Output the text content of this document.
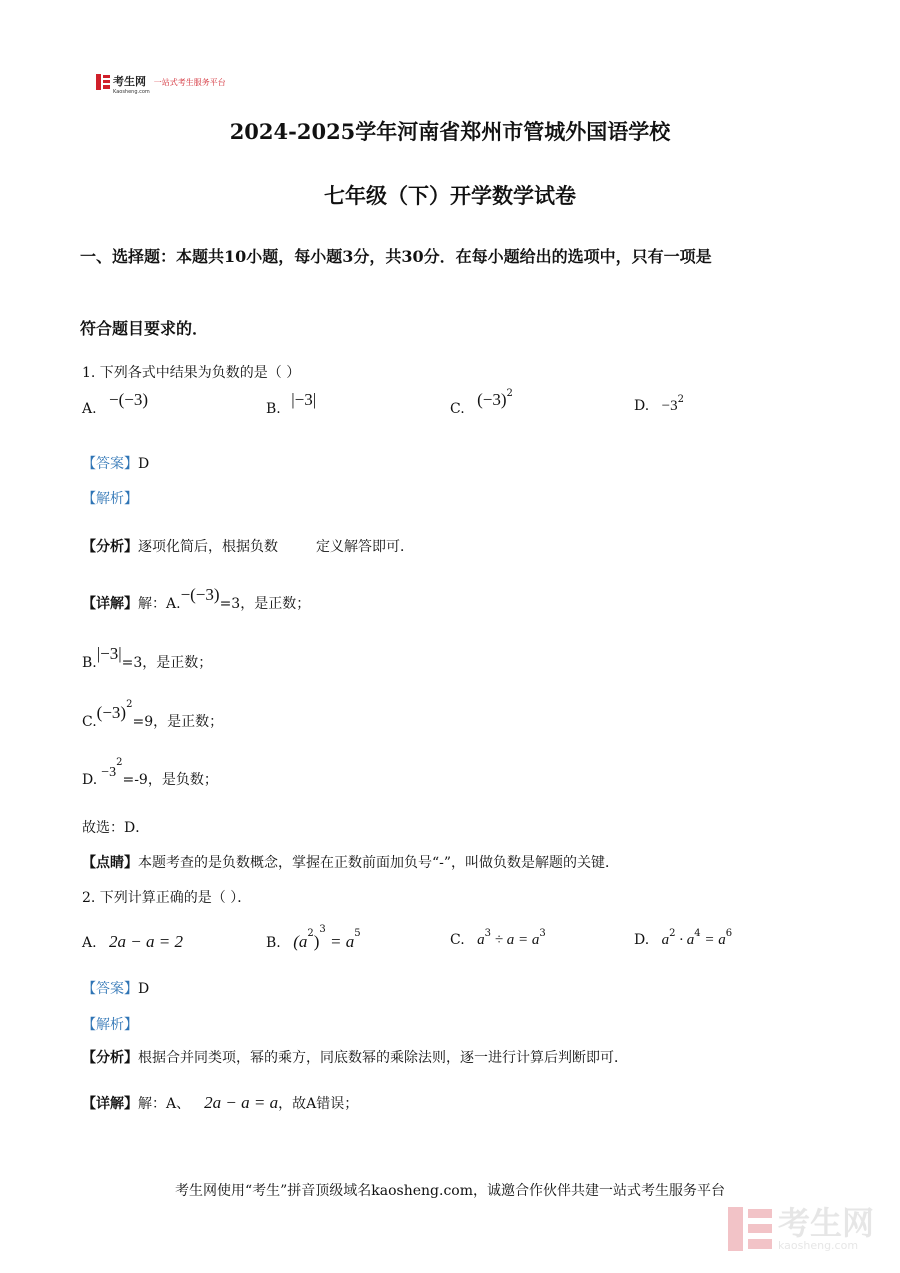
考生网
Kaosheng.com
一站式考生服务平台
2024-2025学年河南省郑州市管城外国语学校
七年级（下）开学数学试卷
一、选择题：本题共10小题，每小题3分，共30分．在每小题给出的选项中，只有一项是
符合题目要求的．
1. 下列各式中结果为负数的是（ ）
A. −(−3)	B. |−3|	C. $(-3)^2$
D. $-3^2$
【答案】D
【解析】
【分析】逐项化简后，根据负数	定义解答即可．
【详解】解：A.−(−3)=3，是正数；
B.|−3|=3，是正数；
$C.(-3)^2=9$，是正数；
D. $-3^2=-9$，是负数；
故选：D．
【点睛】本题考查的是负数概念，掌握在正数前面加负号“-”，叫做负数是解题的关键．
2. 下列计算正确的是（ ）．
A. 2a − a = 2	B. $(a^2)^3 = a^5$	C. $a^3 \div a = a^3$	D. $a^2 \cdot a^4 = a^6$
【答案】D
【解析】
【分析】根据合并同类项，幂的乘方，同底数幂的乘除法则，逐一进行计算后判断即可．
【详解】解：A、 2a − a = a，故A错误；
考生网使用“考生”拼音顶级域名kaosheng.com，诚邀合作伙伴共建一站式考生服务平台
考生网
kaosheng.com
